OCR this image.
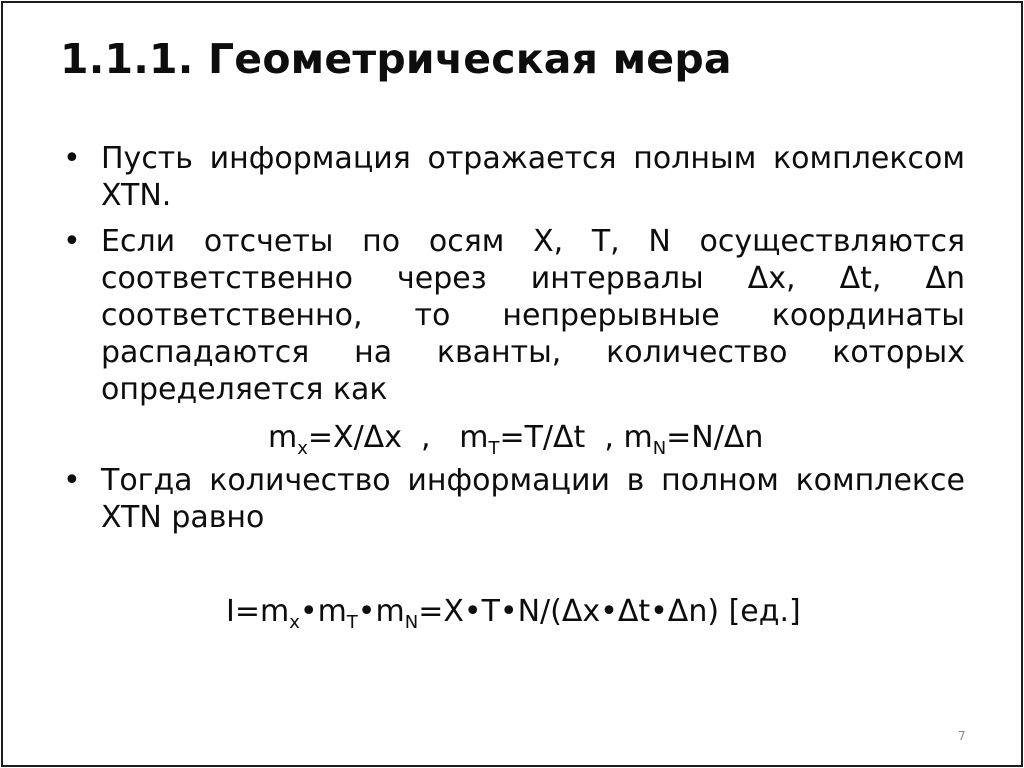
1.1.1. Геометрическая мера
• Пусть информация отражается полным комплексом
XTN.
• Если отсчеты по осям X, T, N осуществляются
соответственно через интервалы Δx, Δt, Δn
соответственно, то непрерывные координаты
распадаются на кванты, количество которых
определяется как
$m_x=X/\Delta x$ , $m_T=T/\Delta t$ , $m_N=N/\Delta n$
• Тогда количество информации в полном комплексе
XTN равно
$I=m_x•m_T•m_N=X•T•N/(\Delta x•\Delta t•\Delta n)$ [ед.]
7
